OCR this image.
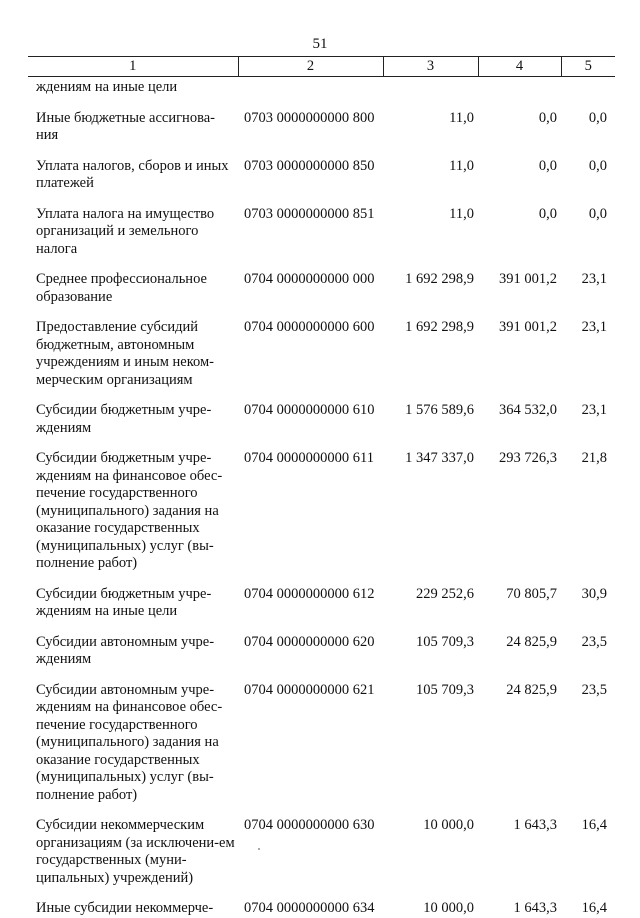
51
1	2	3	4	5
ждениям на иные цели				
Иные бюджетные ассигнова-ния	0703 0000000000 800	11,0	0,0	0,0
Уплата налогов, сборов и иных платежей	0703 0000000000 850	11,0	0,0	0,0
Уплата налога на имущество организаций и земельного налога	0703 0000000000 851	11,0	0,0	0,0
Среднее профессиональное образование	0704 0000000000 000	1 692 298,9	391 001,2	23,1
Предоставление субсидий бюджетным, автономным учреждениям и иным неком-мерческим организациям	0704 0000000000 600	1 692 298,9	391 001,2	23,1
Субсидии бюджетным учре-ждениям	0704 0000000000 610	1 576 589,6	364 532,0	23,1
Субсидии бюджетным учре-ждениям на финансовое обес-печение государственного (муниципального) задания на оказание государственных (муниципальных) услуг (вы-полнение работ)	0704 0000000000 611	1 347 337,0	293 726,3	21,8
Субсидии бюджетным учре-ждениям на иные цели	0704 0000000000 612	229 252,6	70 805,7	30,9
Субсидии автономным учре-ждениям	0704 0000000000 620	105 709,3	24 825,9	23,5
Субсидии автономным учре-ждениям на финансовое обес-печение государственного (муниципального) задания на оказание государственных (муниципальных) услуг (вы-полнение работ)	0704 0000000000 621	105 709,3	24 825,9	23,5
Субсидии некоммерческим организациям (за исключени-ем государственных (муни-ципальных) учреждений)	0704 0000000000 630	10 000,0	1 643,3	16,4
Иные субсидии некоммерче-	0704 0000000000 634	10 000,0	1 643,3	16,4
